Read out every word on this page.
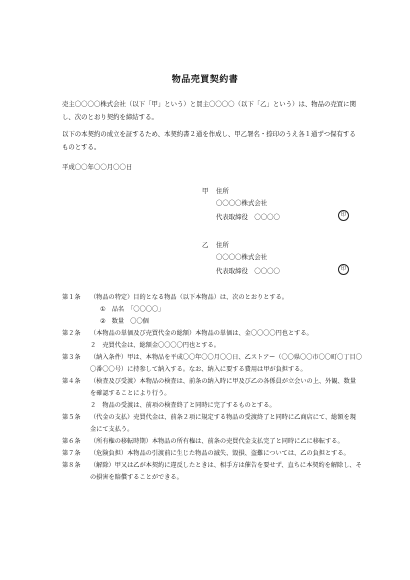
物品売買契約書
売主〇〇〇〇株式会社（以下「甲」という）と買主〇〇〇〇（以下「乙」という）は、物品の売買に関し、次のとおり契約を締結する。
以下の本契約の成立を証するため、本契約書２通を作成し、甲乙署名・捺印のうえ各１通ずつ保有するものとする。
平成〇〇年〇〇月〇〇日
甲 住所
〇〇〇〇株式会社
代表取締役　〇〇〇〇	印
乙 住所
〇〇〇〇株式会社
代表取締役　〇〇〇〇	印
第１条 （物品の特定）目的となる物品（以下本物品）は、次のとおりとする。
①　品名　「〇〇〇〇」
②　数量　〇〇個
第２条 （本物品の単価及び売買代金の総額）本物品の単価は、金〇〇〇〇円也とする。
２　売買代金は、総額金〇〇〇〇円也とする。
第３条 （納入条件）甲は、本物品を平成〇〇年〇〇月〇〇日、乙ストアー（〇〇県〇〇市〇〇町〇丁目〇〇番〇〇号）に持参して納入する。なお、納入に要する費用は甲が負担する。
第４条 （検査及び受渡）本物品の検査は、前条の納入時に甲及び乙の各係員が立会いの上、外観、数量を確認することにより行う。
２　物品の受渡は、前項の検査終了と同時に完了するものとする。
第５条 （代金の支払）売買代金は、前条２項に規定する物品の受渡終了と同時に乙商店にて、総額を現金にて支払う。
第６条 （所有権の移転時期）本物品の所有権は、前条の売買代金支払完了と同時に乙に移転する。
第７条 （危険負担）本物品の引渡前に生じた物品の滅失、毀損、盗難については、乙の負担とする。
第８条 （解除）甲又は乙が本契約に違反したときは、相手方は催告を要せず、直ちに本契約を解除し、その損害を賠償することができる。
